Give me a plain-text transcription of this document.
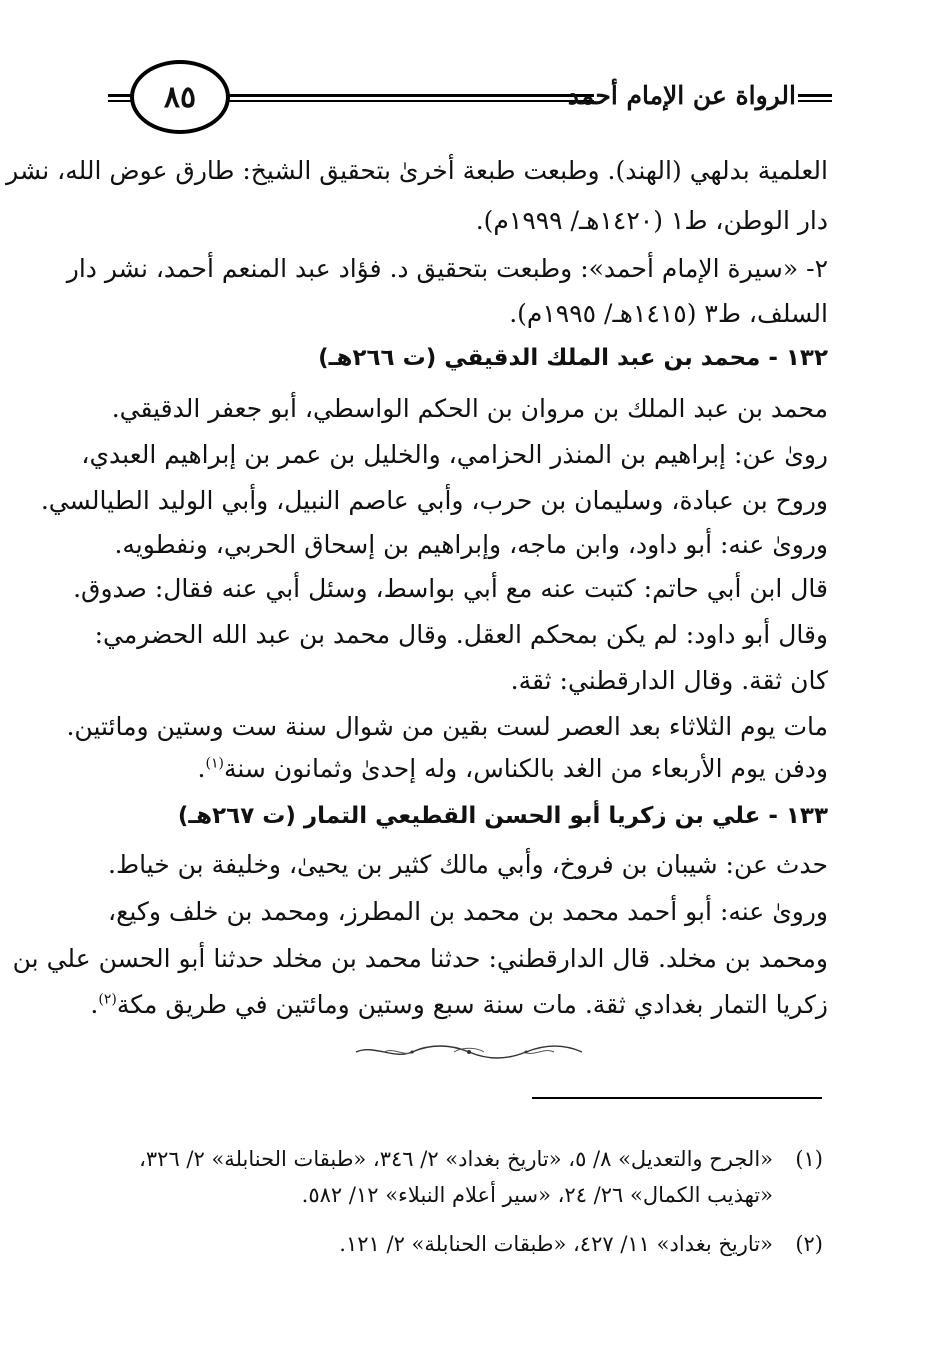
٨٥	الرواة عن الإمام أحمد
العلمية بدلهي (الهند). وطبعت طبعة أخرىٰ بتحقيق الشيخ: طارق عوض الله، نشر
دار الوطن، ط١ (١٤٢٠هـ/ ١٩٩٩م).
٢- «سيرة الإمام أحمد»: وطبعت بتحقيق د. فؤاد عبد المنعم أحمد، نشر دار
السلف، ط٣ (١٤١٥هـ/ ١٩٩٥م).
١٣٢ - محمد بن عبد الملك الدقيقي (ت ٢٦٦هـ)
محمد بن عبد الملك بن مروان بن الحكم الواسطي، أبو جعفر الدقيقي.
روىٰ عن: إبراهيم بن المنذر الحزامي، والخليل بن عمر بن إبراهيم العبدي،
وروح بن عبادة، وسليمان بن حرب، وأبي عاصم النبيل، وأبي الوليد الطيالسي.
وروىٰ عنه: أبو داود، وابن ماجه، وإبراهيم بن إسحاق الحربي، ونفطويه.
قال ابن أبي حاتم: كتبت عنه مع أبي بواسط، وسئل أبي عنه فقال: صدوق.
وقال أبو داود: لم يكن بمحكم العقل. وقال محمد بن عبد الله الحضرمي:
كان ثقة. وقال الدارقطني: ثقة.
مات يوم الثلاثاء بعد العصر لست بقين من شوال سنة ست وستين ومائتين.
ودفن يوم الأربعاء من الغد بالكناس، وله إحدىٰ وثمانون سنة$^{(١)}$.
١٣٣ - علي بن زكريا أبو الحسن القطيعي التمار (ت ٢٦٧هـ)
حدث عن: شيبان بن فروخ، وأبي مالك كثير بن يحيىٰ، وخليفة بن خياط.
وروىٰ عنه: أبو أحمد محمد بن محمد بن المطرز، ومحمد بن خلف وكيع،
ومحمد بن مخلد. قال الدارقطني: حدثنا محمد بن مخلد حدثنا أبو الحسن علي بن
زكريا التمار بغدادي ثقة. مات سنة سبع وستين ومائتين في طريق مكة$^{(٢)}$.
(١)«الجرح والتعديل» ٨/ ٥، «تاريخ بغداد» ٢/ ٣٤٦، «طبقات الحنابلة» ٢/ ٣٢٦،
«تهذيب الكمال» ٢٦/ ٢٤، «سير أعلام النبلاء» ١٢/ ٥٨٢.
(٢)«تاريخ بغداد» ١١/ ٤٢٧، «طبقات الحنابلة» ٢/ ١٢١.
